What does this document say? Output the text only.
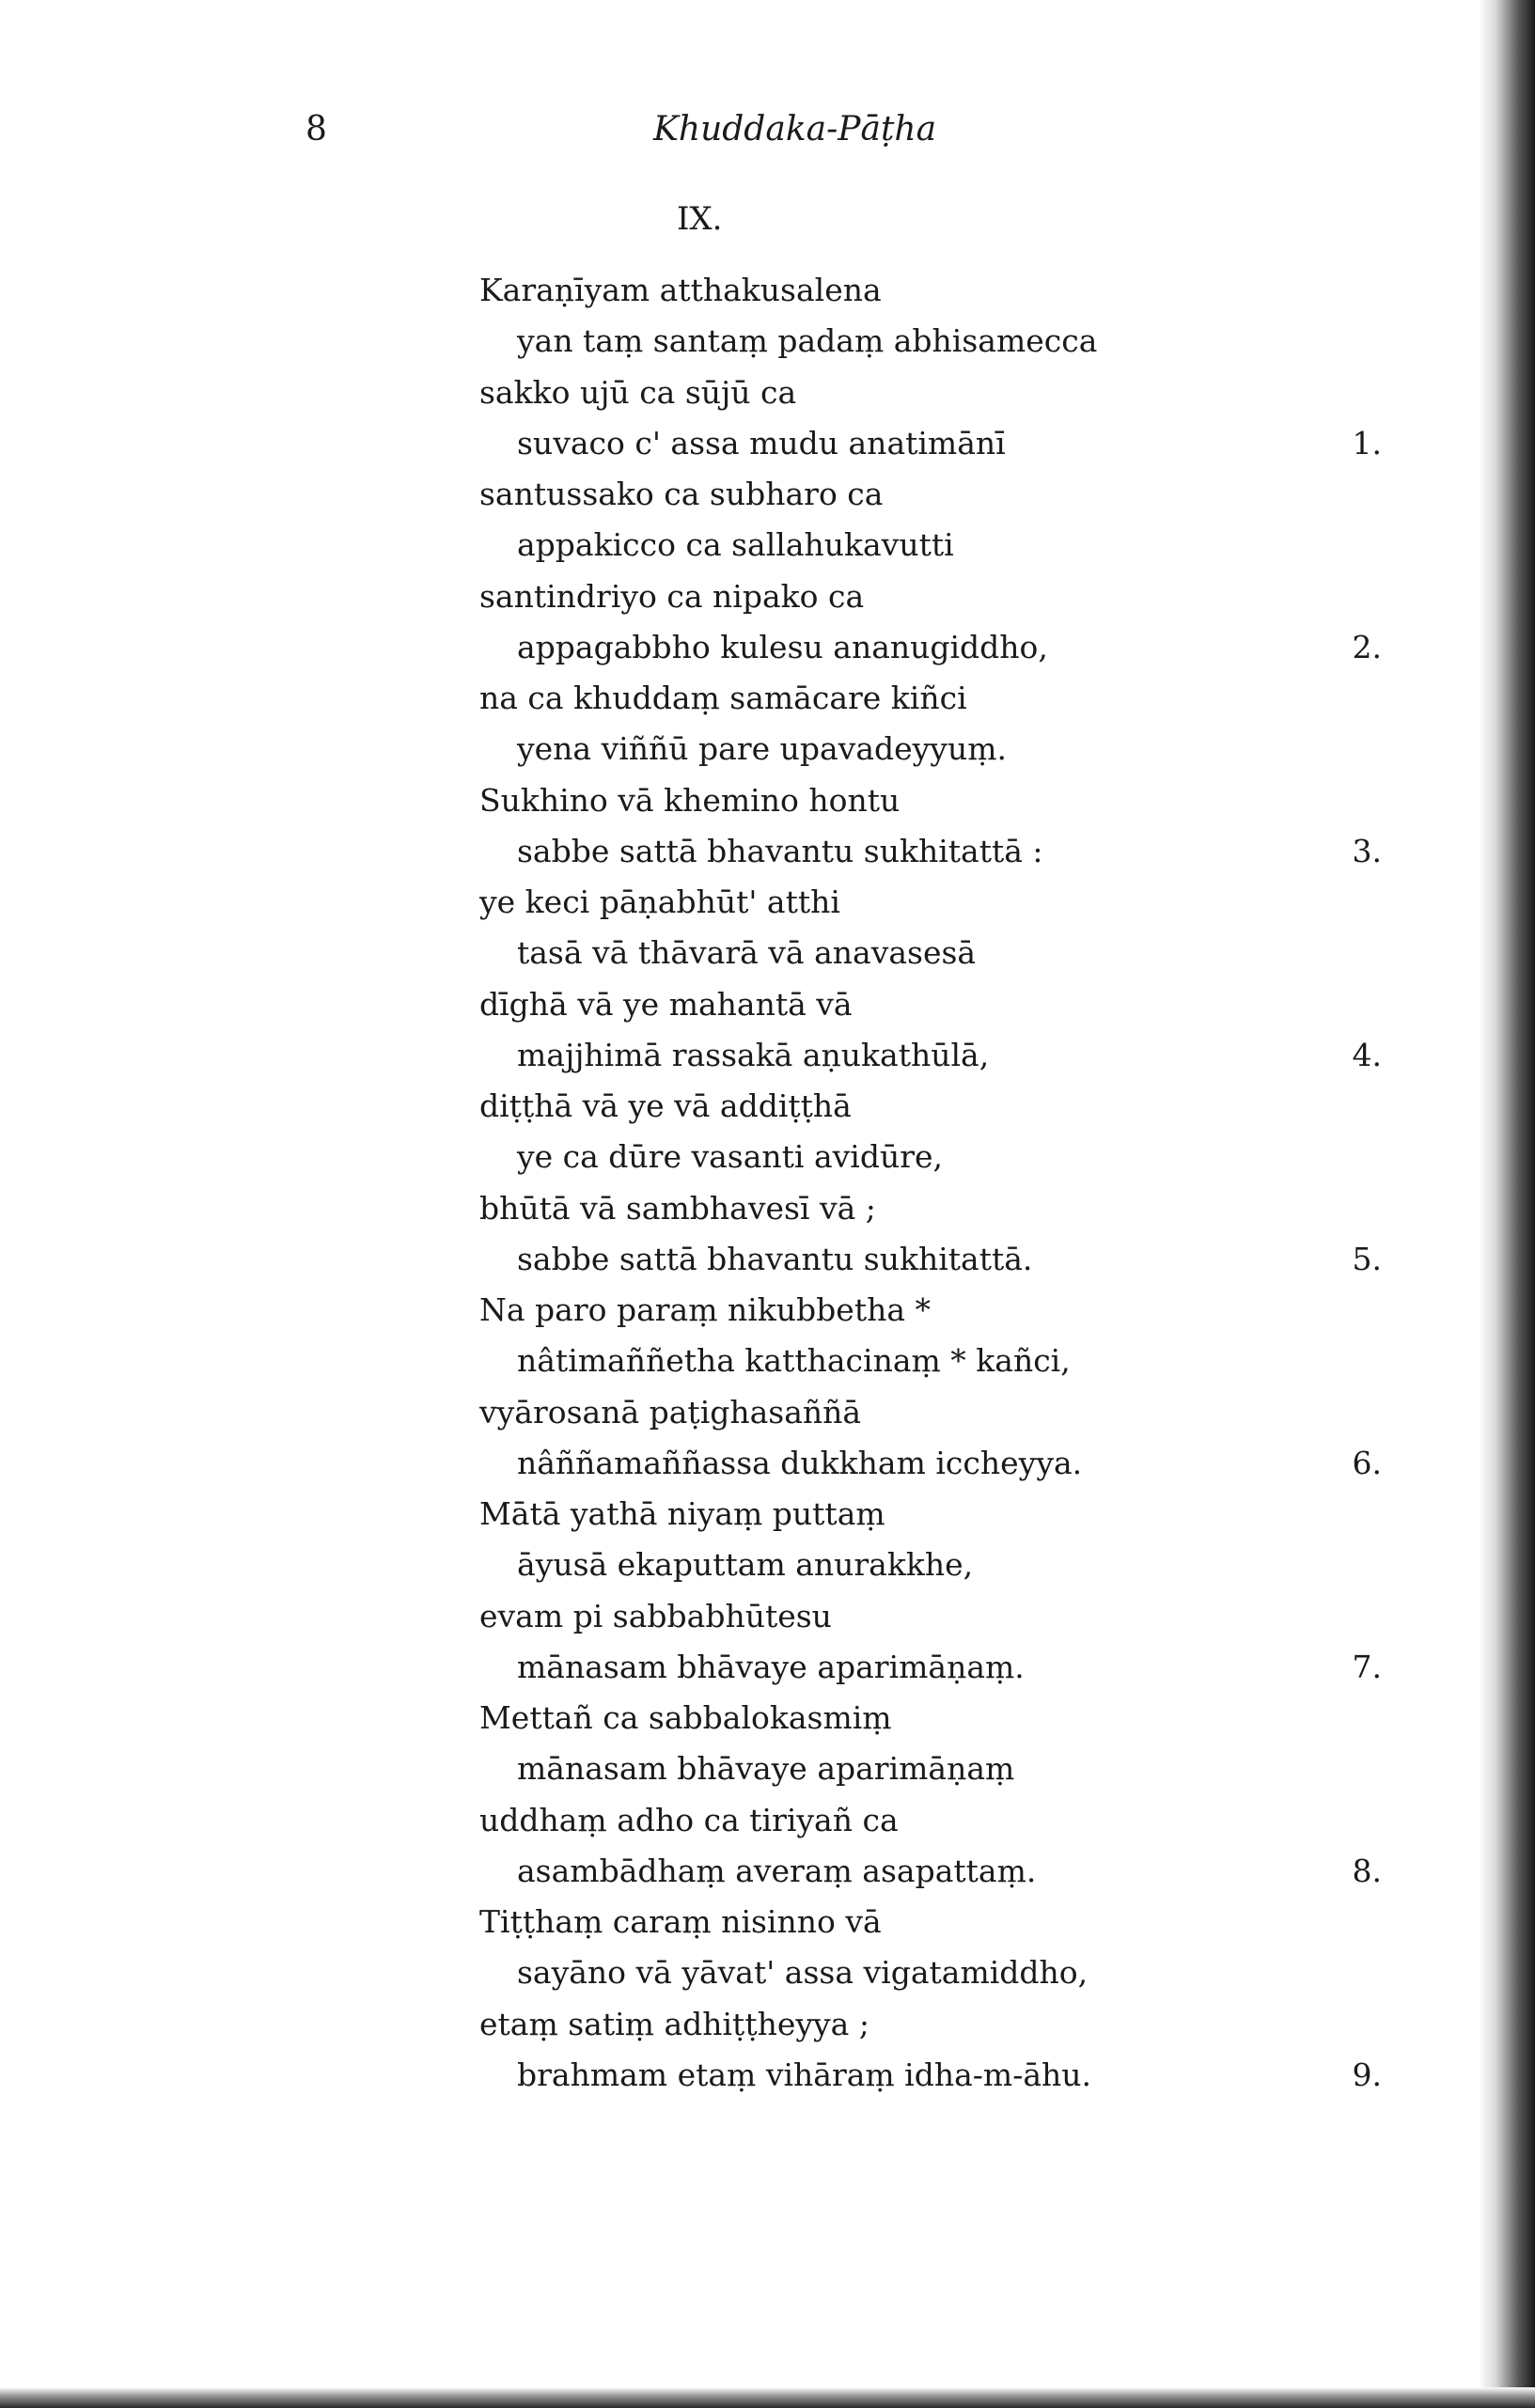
8	Khuddaka-Pāṭha
IX.
Karaṇīyam atthakusalena
yan taṃ santaṃ padaṃ abhisamecca
sakko ujū ca sūjū ca
suvaco c' assa mudu anatimānī	1.
santussako ca subharo ca
appakicco ca sallahukavutti
santindriyo ca nipako ca
appagabbho kulesu ananugiddho,	2.
na ca khuddaṃ samācare kiñci
yena viññū pare upavadeyyuṃ.
Sukhino vā khemino hontu
sabbe sattā bhavantu sukhitattā :	3.
ye keci pāṇabhūt' atthi
tasā vā thāvarā vā anavasesā
dīghā vā ye mahantā vā
majjhimā rassakā aṇukathūlā,	4.
diṭṭhā vā ye vā addiṭṭhā
ye ca dūre vasanti avidūre,
bhūtā vā sambhavesī vā ;
sabbe sattā bhavantu sukhitattā.	5.
Na paro paraṃ nikubbetha *
nâtimaññetha katthacinaṃ * kañci,
vyārosanā paṭighasaññā
nâññamaññassa dukkham iccheyya.	6.
Mātā yathā niyaṃ puttaṃ
āyusā ekaputtam anurakkhe,
evam pi sabbabhūtesu
mānasam bhāvaye aparimāṇaṃ.	7.
Mettañ ca sabbalokasmiṃ
mānasam bhāvaye aparimāṇaṃ
uddhaṃ adho ca tiriyañ ca
asambādhaṃ averaṃ asapattaṃ.	8.
Tiṭṭhaṃ caraṃ nisinno vā
sayāno vā yāvat' assa vigatamiddho,
etaṃ satiṃ adhiṭṭheyya ;
brahmam etaṃ vihāraṃ idha-m-āhu.	9.
